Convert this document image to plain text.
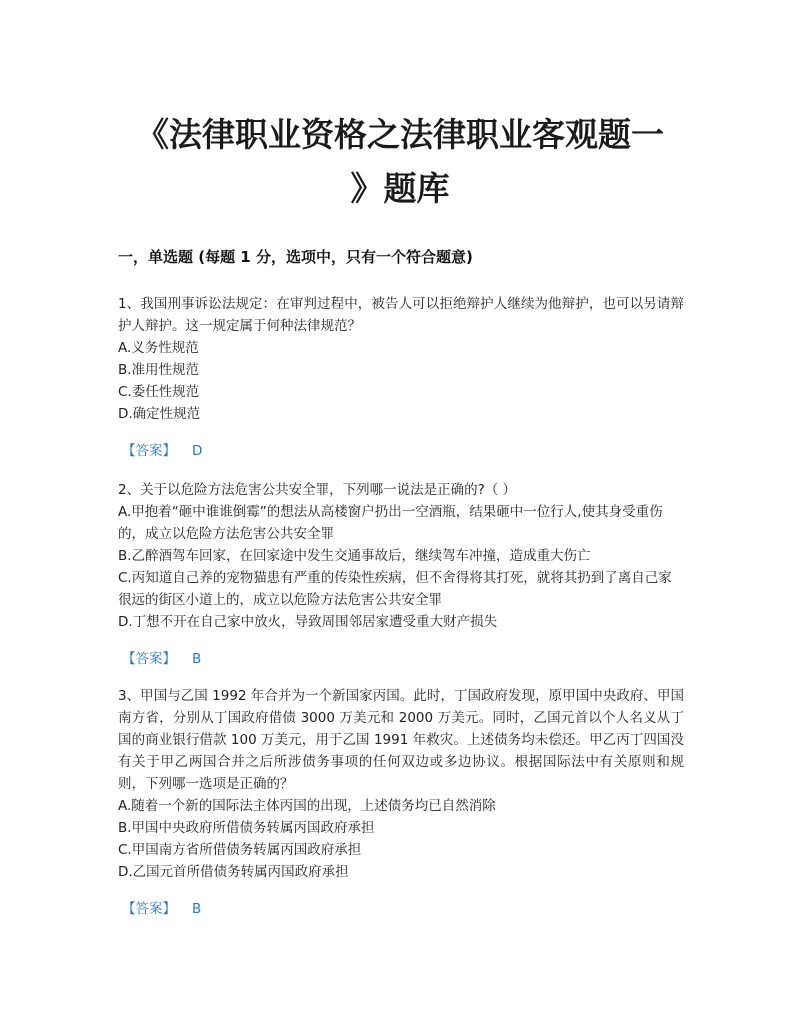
《法律职业资格之法律职业客观题一
》题库
一，单选题 (每题 1 分，选项中，只有一个符合题意)

1、我国刑事诉讼法规定：在审判过程中，被告人可以拒绝辩护人继续为他辩护，也可以另请辩护人辩护。这一规定属于何种法律规范？

A.义务性规范

B.准用性规范

C.委任性规范

D.确定性规范

【答案】 D

2、关于以危险方法危害公共安全罪，下列哪一说法是正确的?（ ）

A.甲抱着“砸中谁谁倒霉”的想法从高楼窗户扔出一空酒瓶，结果砸中一位行人,使其身受重伤的，成立以危险方法危害公共安全罪

B.乙醉酒驾车回家，在回家途中发生交通事故后，继续驾车冲撞，造成重大伤亡

C.丙知道自己养的宠物猫患有严重的传染性疾病，但不舍得将其打死，就将其扔到了离自己家很远的街区小道上的，成立以危险方法危害公共安全罪

D.丁想不开在自己家中放火，导致周围邻居家遭受重大财产损失

【答案】 B

3、甲国与乙国 1992 年合并为一个新国家丙国。此时，丁国政府发现，原甲国中央政府、甲国南方省，分别从丁国政府借债 3000 万美元和 2000 万美元。同时，乙国元首以个人名义从丁国的商业银行借款 100 万美元，用于乙国 1991 年救灾。上述债务均未偿还。甲乙丙丁四国没有关于甲乙两国合并之后所涉债务事项的任何双边或多边协议。根据国际法中有关原则和规则，下列哪一选项是正确的？

A.随着一个新的国际法主体丙国的出现，上述债务均已自然消除

B.甲国中央政府所借债务转属丙国政府承担

C.甲国南方省所借债务转属丙国政府承担

D.乙国元首所借债务转属丙国政府承担

【答案】 B
